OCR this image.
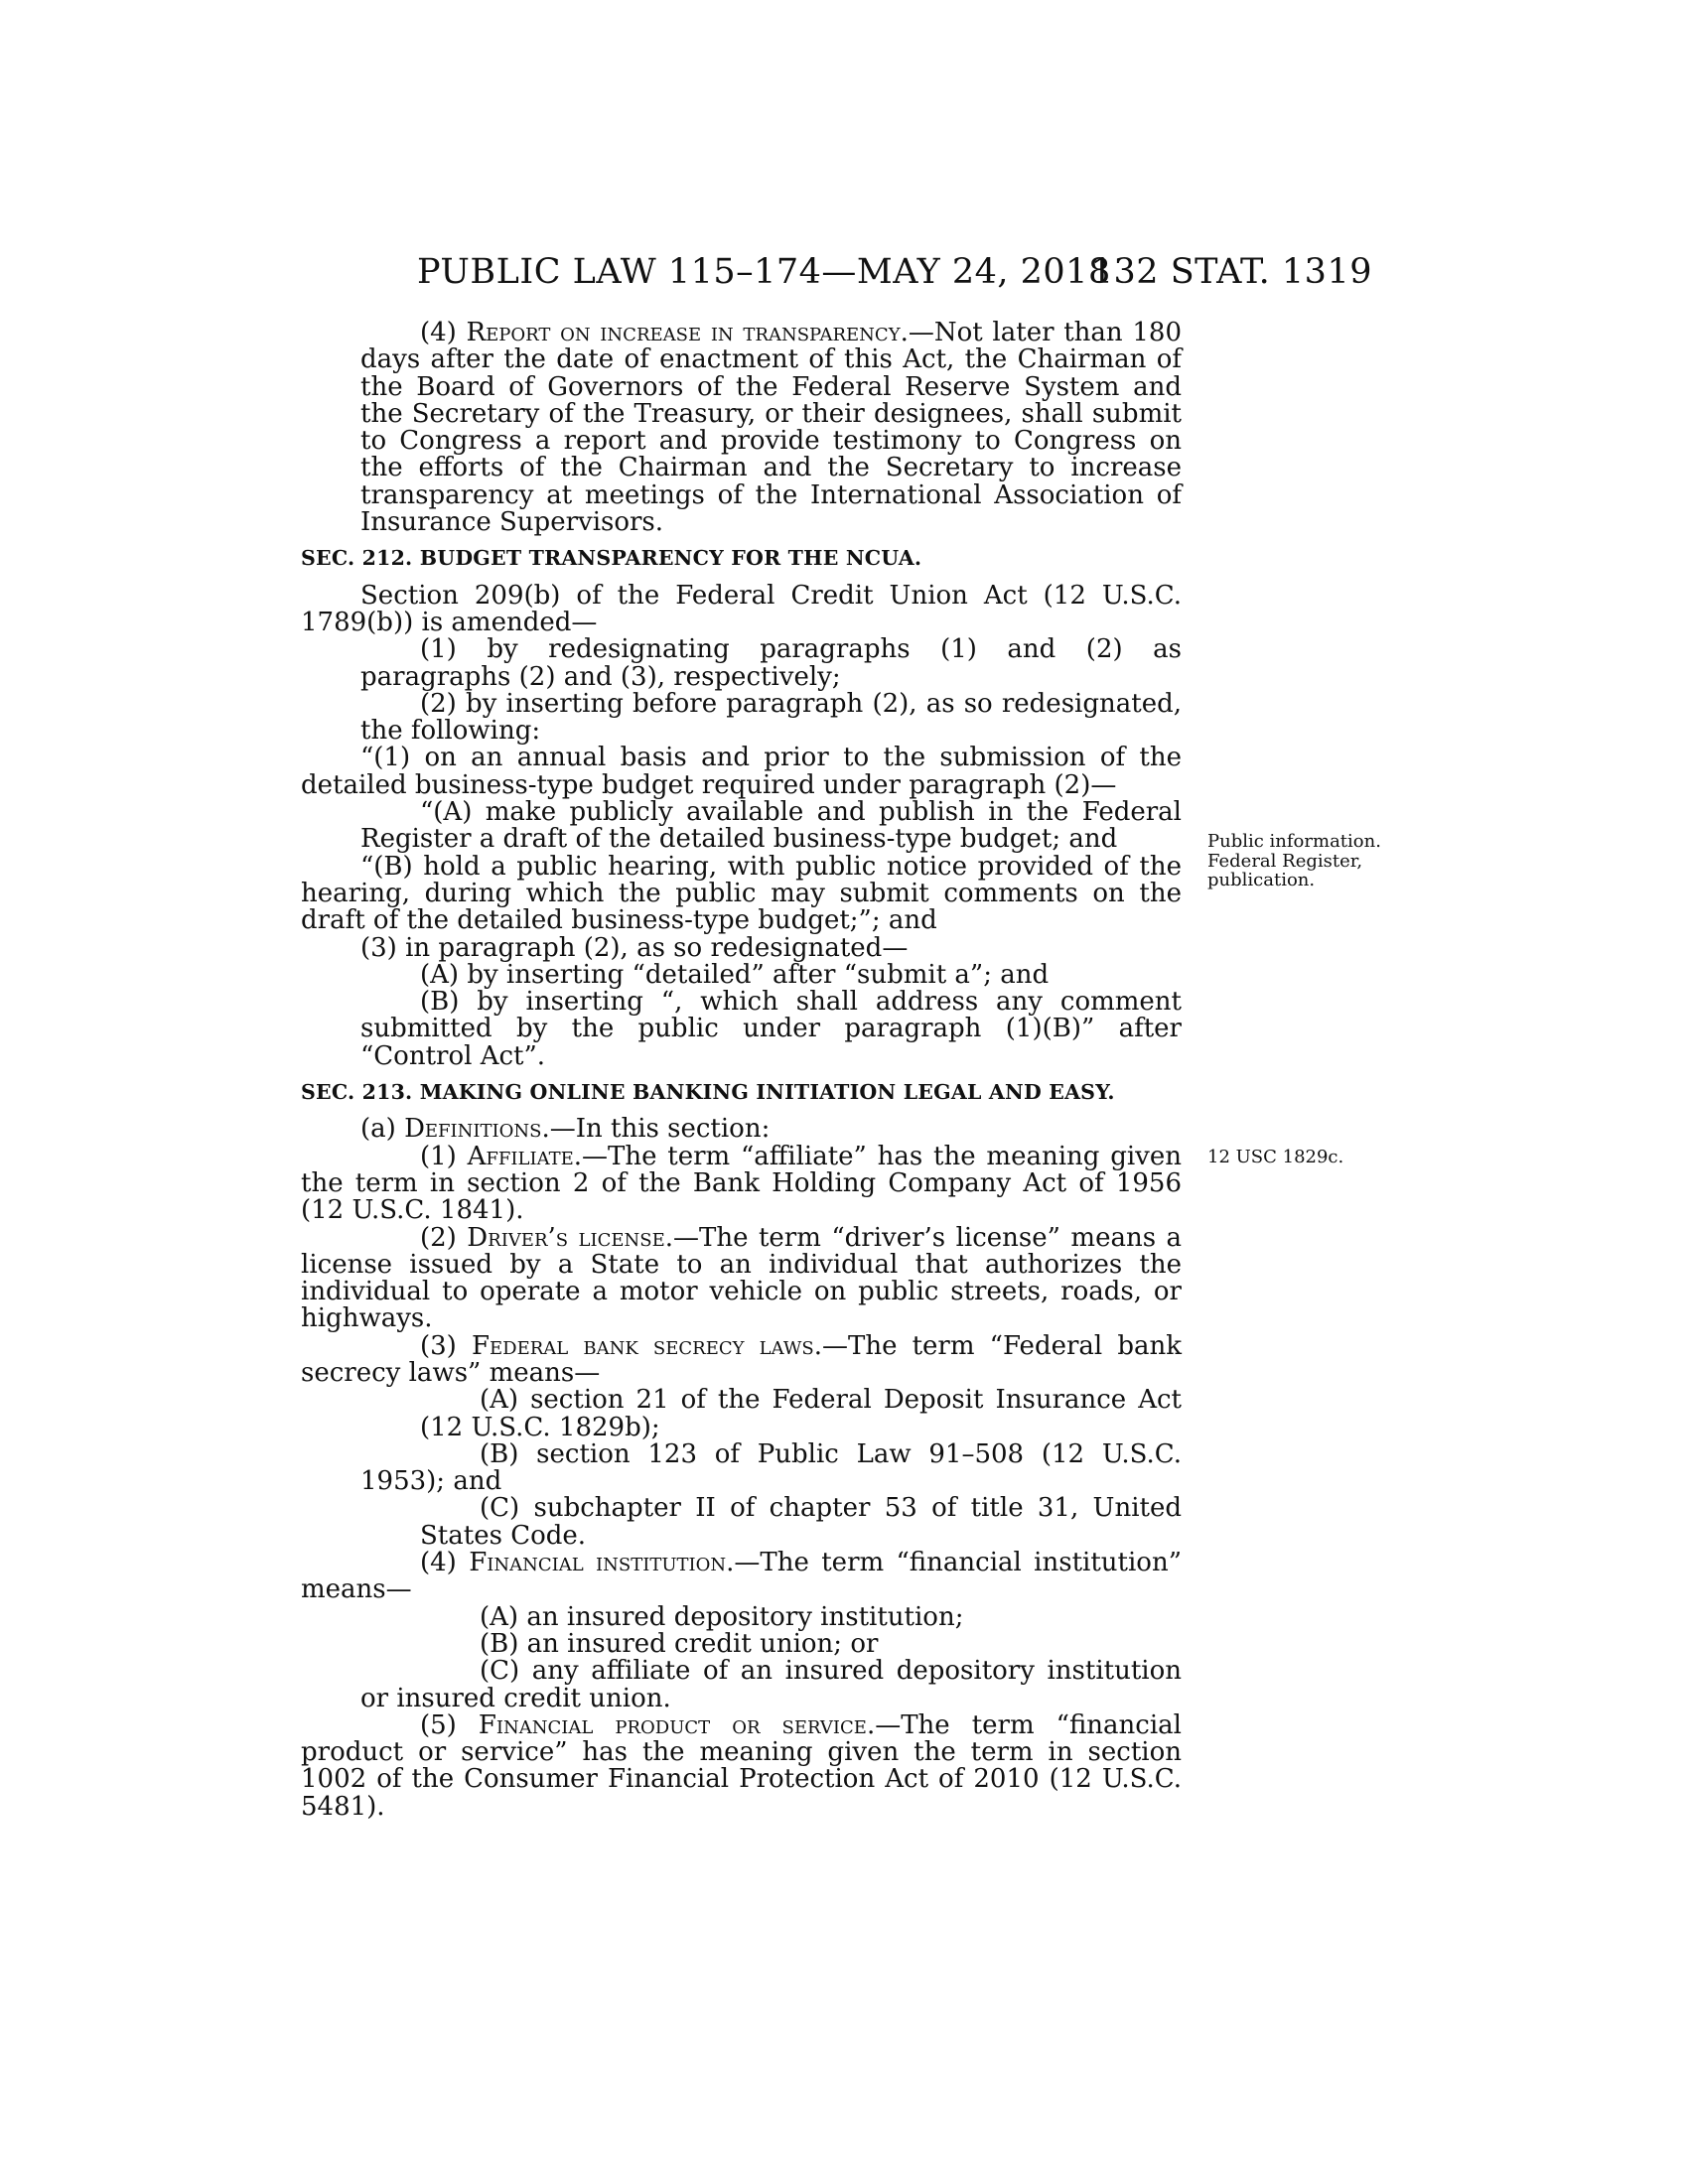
PUBLIC LAW 115–174—MAY 24, 2018
132 STAT. 1319

(4) Report on increase in transparency.—Not later than 180 days after the date of enactment of this Act, the Chairman of the Board of Governors of the Federal Reserve System and the Secretary of the Treasury, or their designees, shall submit to Congress a report and provide testimony to Congress on the efforts of the Chairman and the Secretary to increase transparency at meetings of the International Association of Insurance Supervisors.

SEC. 212. BUDGET TRANSPARENCY FOR THE NCUA.

Section 209(b) of the Federal Credit Union Act (12 U.S.C. 1789(b)) is amended—

(1) by redesignating paragraphs (1) and (2) as paragraphs (2) and (3), respectively;

(2) by inserting before paragraph (2), as so redesignated, the following:

“(1) on an annual basis and prior to the submission of the detailed business-type budget required under paragraph (2)—

“(A) make publicly available and publish in the Federal Register a draft of the detailed business-type budget; and

“(B) hold a public hearing, with public notice provided of the hearing, during which the public may submit comments on the draft of the detailed business-type budget;”; and

(3) in paragraph (2), as so redesignated—

(A) by inserting “detailed” after “submit a”; and

(B) by inserting “, which shall address any comment submitted by the public under paragraph (1)(B)” after “Control Act”.

SEC. 213. MAKING ONLINE BANKING INITIATION LEGAL AND EASY.

(a) Definitions.—In this section:

(1) Affiliate.—The term “affiliate” has the meaning given the term in section 2 of the Bank Holding Company Act of 1956 (12 U.S.C. 1841).

(2) Driver’s license.—The term “driver’s license” means a license issued by a State to an individual that authorizes the individual to operate a motor vehicle on public streets, roads, or highways.

(3) Federal bank secrecy laws.—The term “Federal bank secrecy laws” means—

(A) section 21 of the Federal Deposit Insurance Act (12 U.S.C. 1829b);

(B) section 123 of Public Law 91–508 (12 U.S.C. 1953); and

(C) subchapter II of chapter 53 of title 31, United States Code.

(4) Financial institution.—The term “financial institution” means—

(A) an insured depository institution;

(B) an insured credit union; or

(C) any affiliate of an insured depository institution or insured credit union.

(5) Financial product or service.—The term “financial product or service” has the meaning given the term in section 1002 of the Consumer Financial Protection Act of 2010 (12 U.S.C. 5481).

Public information. Federal Register, publication.
12 USC 1829c.
